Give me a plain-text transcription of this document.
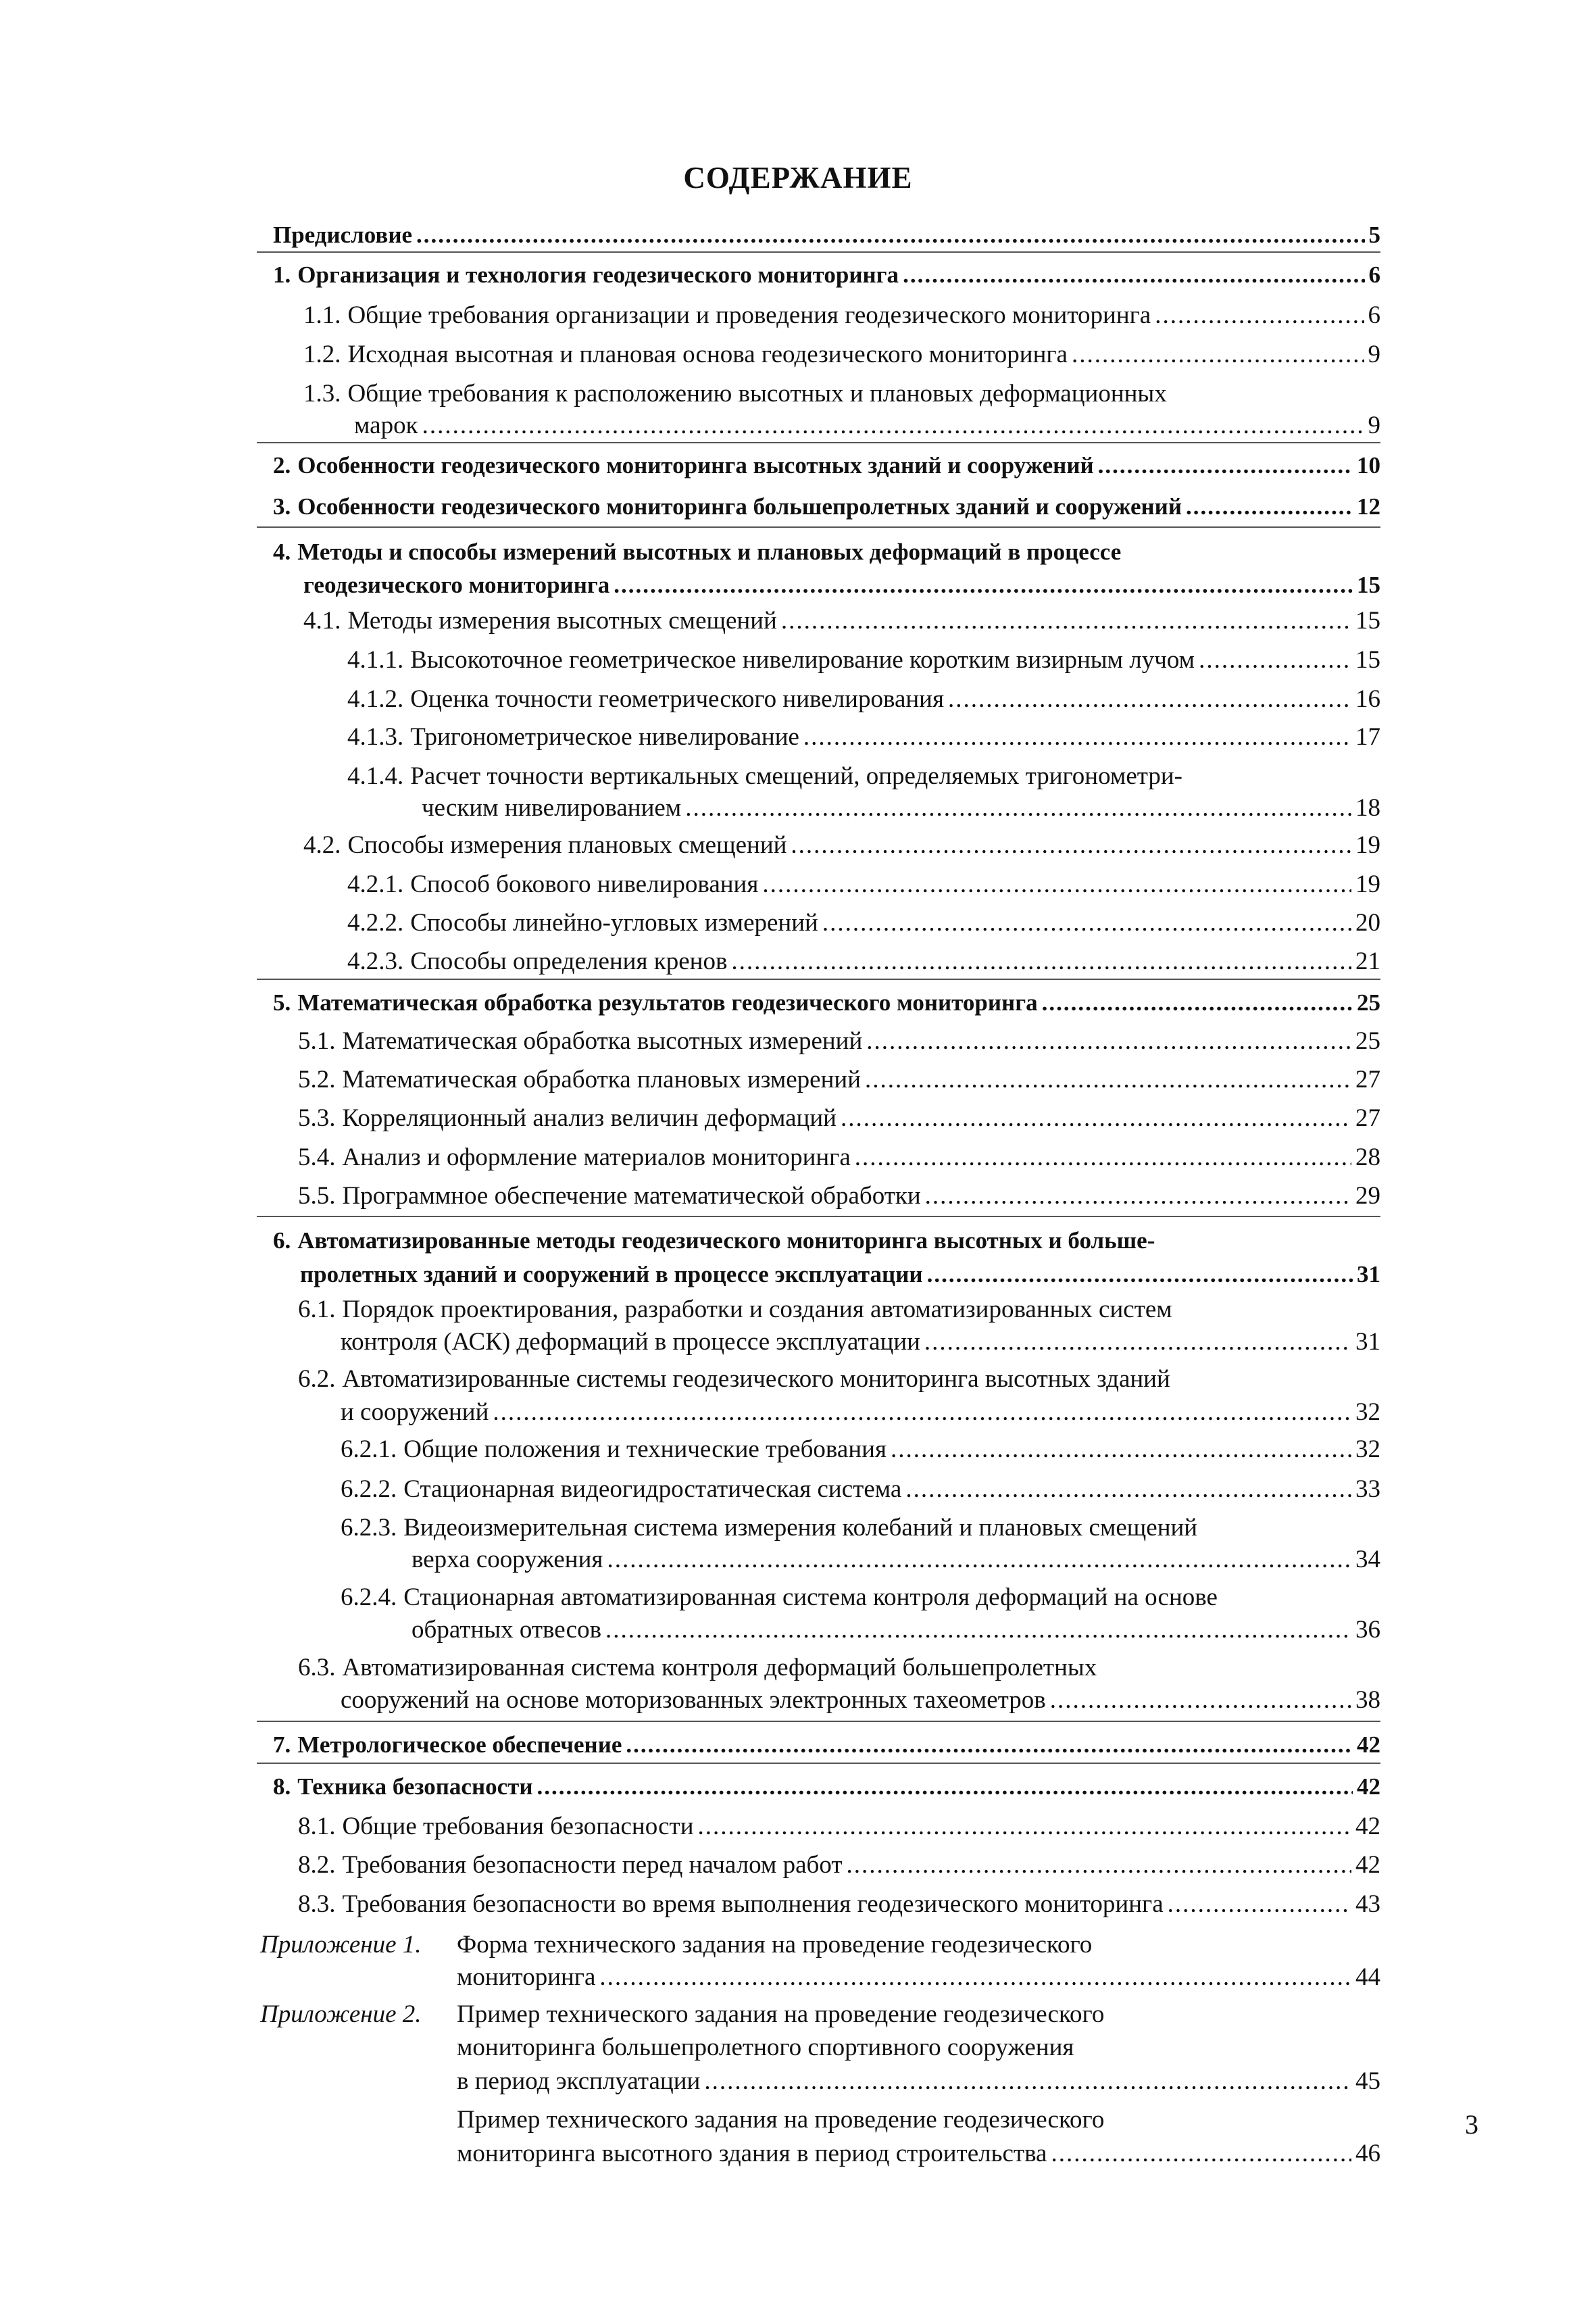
СОДЕРЖАНИЕ
Предисловие .....	5
1. Организация и технология геодезического мониторинга .....	6
1.1. Общие требования организации и проведения геодезического мониторинга .....	6
1.2. Исходная высотная и плановая основа геодезического мониторинга .....	9
1.3. Общие требования к расположению высотных и плановых деформационных
марок .....	9
2. Особенности геодезического мониторинга высотных зданий и сооружений .....	10
3. Особенности геодезического мониторинга большепролетных зданий и сооружений .....	12
4. Методы и способы измерений высотных и плановых деформаций в процессе
геодезического мониторинга .....	15
4.1. Методы измерения высотных смещений .....	15
4.1.1. Высокоточное геометрическое нивелирование коротким визирным лучом .....	15
4.1.2. Оценка точности геометрического нивелирования .....	16
4.1.3. Тригонометрическое нивелирование .....	17
4.1.4. Расчет точности вертикальных смещений, определяемых тригонометри-
ческим нивелированием .....	18
4.2. Способы измерения плановых смещений .....	19
4.2.1. Способ бокового нивелирования .....	19
4.2.2. Способы линейно-угловых измерений .....	20
4.2.3. Способы определения кренов .....	21
5. Математическая обработка результатов геодезического мониторинга .....	25
5.1. Математическая обработка высотных измерений .....	25
5.2. Математическая обработка плановых измерений .....	27
5.3. Корреляционный анализ величин деформаций .....	27
5.4. Анализ и оформление материалов мониторинга .....	28
5.5. Программное обеспечение математической обработки .....	29
6. Автоматизированные методы геодезического мониторинга высотных и больше-
пролетных зданий и сооружений в процессе эксплуатации .....	31
6.1. Порядок проектирования, разработки и создания автоматизированных систем
контроля (АСК) деформаций в процессе эксплуатации .....	31
6.2. Автоматизированные системы геодезического мониторинга высотных зданий
и сооружений .....	32
6.2.1. Общие положения и технические требования .....	32
6.2.2. Стационарная видеогидростатическая система .....	33
6.2.3. Видеоизмерительная система измерения колебаний и плановых смещений
верха сооружения .....	34
6.2.4. Стационарная автоматизированная система контроля деформаций на основе
обратных отвесов .....	36
6.3. Автоматизированная система контроля деформаций большепролетных
сооружений на основе моторизованных электронных тахеометров .....	38
7. Метрологическое обеспечение .....	42
8. Техника безопасности .....	42
8.1. Общие требования безопасности .....	42
8.2. Требования безопасности перед началом работ .....	42
8.3. Требования безопасности во время выполнения геодезического мониторинга .....	43
Приложение 1. Форма технического задания на проведение геодезического
мониторинга .....	44
Приложение 2. Пример технического задания на проведение геодезического
мониторинга большепролетного спортивного сооружения
в период эксплуатации .....	45
Пример технического задания на проведение геодезического
мониторинга высотного здания в период строительства .....	46
3
